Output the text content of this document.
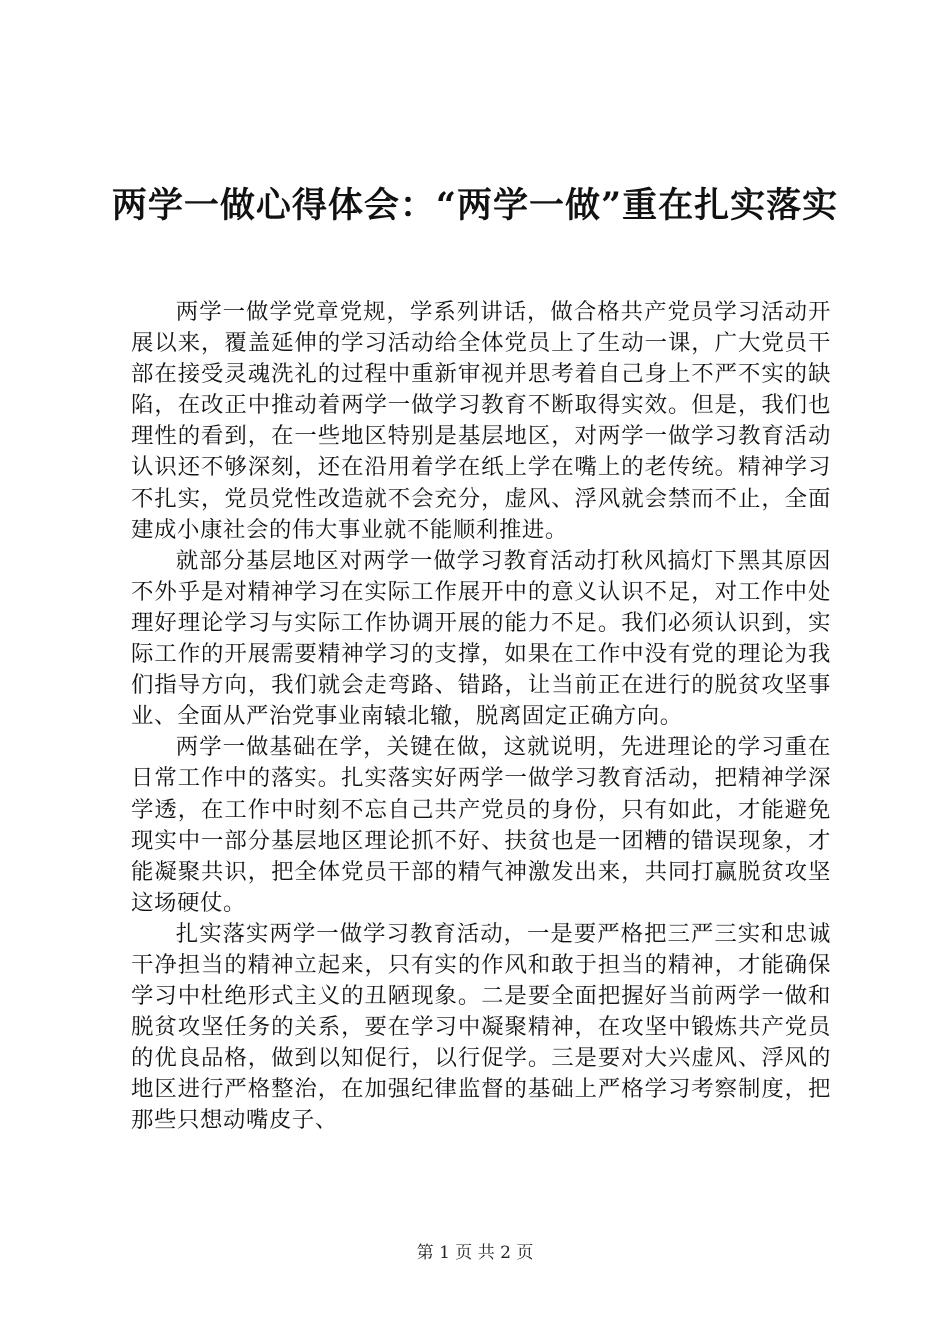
两学一做心得体会：“两学一做”重在扎实落实

两学一做学党章党规，学系列讲话，做合格共产党员学习活动开展以来，覆盖延伸的学习活动给全体党员上了生动一课，广大党员干部在接受灵魂洗礼的过程中重新审视并思考着自己身上不严不实的缺陷，在改正中推动着两学一做学习教育不断取得实效。但是，我们也理性的看到，在一些地区特别是基层地区，对两学一做学习教育活动认识还不够深刻，还在沿用着学在纸上学在嘴上的老传统。精神学习不扎实，党员党性改造就不会充分，虚风、浮风就会禁而不止，全面建成小康社会的伟大事业就不能顺利推进。

就部分基层地区对两学一做学习教育活动打秋风搞灯下黑其原因不外乎是对精神学习在实际工作展开中的意义认识不足，对工作中处理好理论学习与实际工作协调开展的能力不足。我们必须认识到，实际工作的开展需要精神学习的支撑，如果在工作中没有党的理论为我们指导方向，我们就会走弯路、错路，让当前正在进行的脱贫攻坚事业、全面从严治党事业南辕北辙，脱离固定正确方向。

两学一做基础在学，关键在做，这就说明，先进理论的学习重在日常工作中的落实。扎实落实好两学一做学习教育活动，把精神学深学透，在工作中时刻不忘自己共产党员的身份，只有如此，才能避免现实中一部分基层地区理论抓不好、扶贫也是一团糟的错误现象，才能凝聚共识，把全体党员干部的精气神激发出来，共同打赢脱贫攻坚这场硬仗。

扎实落实两学一做学习教育活动，一是要严格把三严三实和忠诚干净担当的精神立起来，只有实的作风和敢于担当的精神，才能确保学习中杜绝形式主义的丑陋现象。二是要全面把握好当前两学一做和脱贫攻坚任务的关系，要在学习中凝聚精神，在攻坚中锻炼共产党员的优良品格，做到以知促行，以行促学。三是要对大兴虚风、浮风的地区进行严格整治，在加强纪律监督的基础上严格学习考察制度，把那些只想动嘴皮子、

第 1 页 共 2 页
